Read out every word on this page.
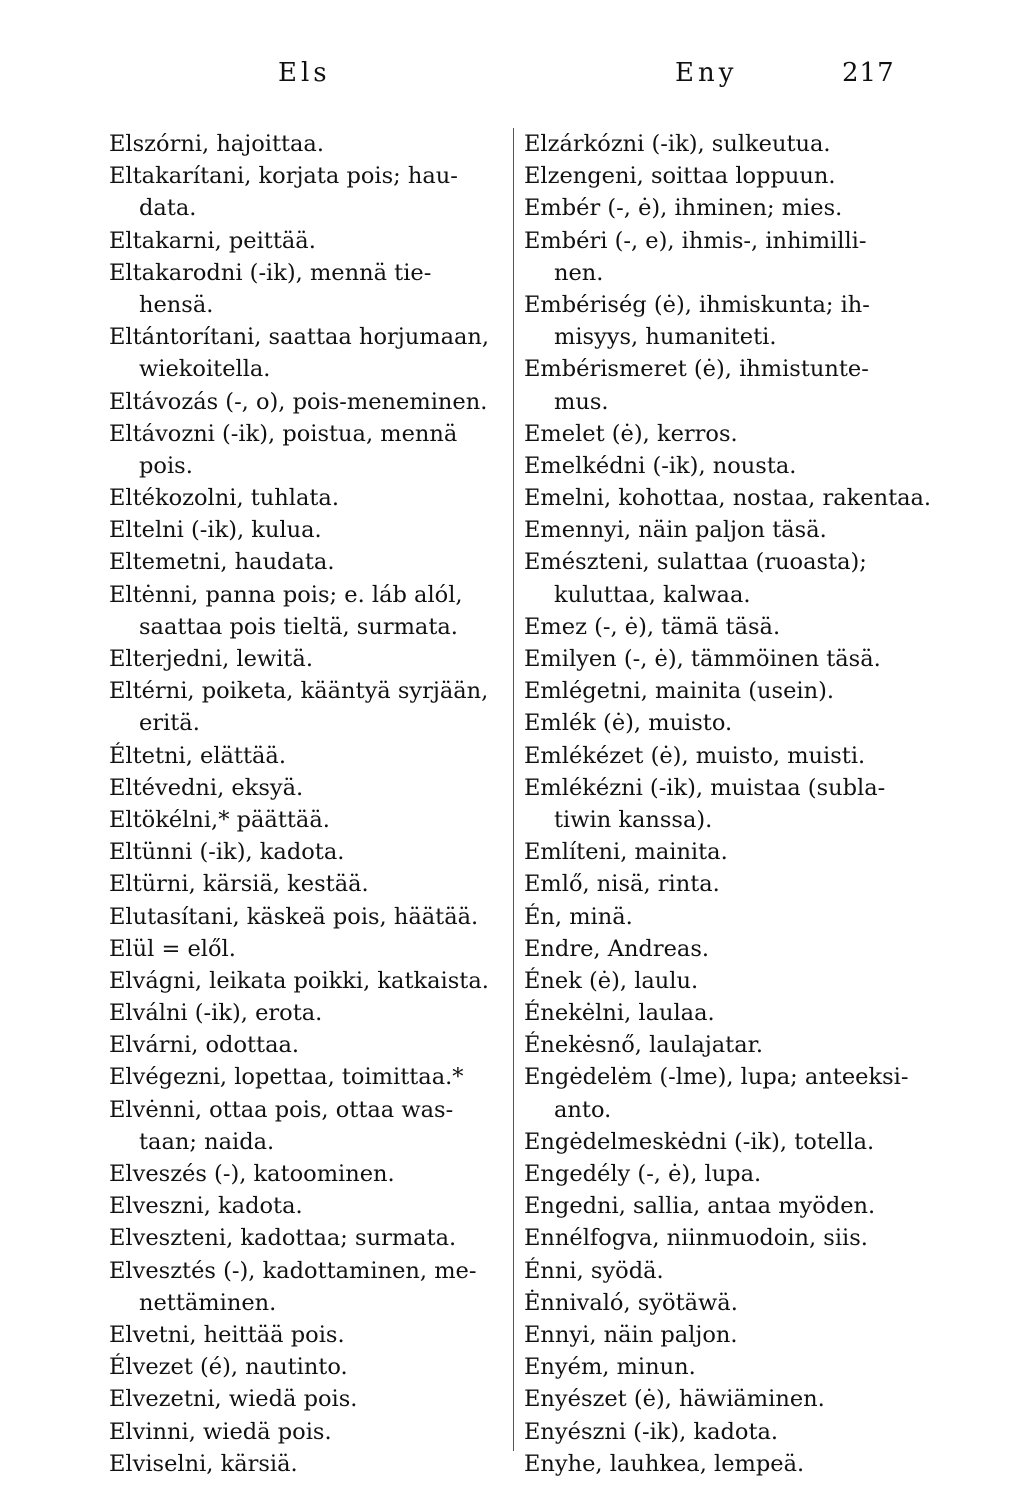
Els	Eny	217

Elszórni, hajoittaa.

Eltakarítani, korjata pois; hau-

data.

Eltakarni, peittää.

Eltakarodni (-ik), mennä tie-

hensä.

Eltántorítani, saattaa horjumaan,

wiekoitella.

Eltávozás (-, o), pois-meneminen.

Eltávozni (-ik), poistua, mennä

pois.

Eltékozolni, tuhlata.

Eltelni (-ik), kulua.

Eltemetni, haudata.

Eltėnni, panna pois; e. láb alól,

saattaa pois tieltä, surmata.

Elterjedni, lewitä.

Eltérni, poiketa, kääntyä syrjään,

eritä.

Éltetni, elättää.

Eltévedni, eksyä.

Eltökélni,* päättää.

Eltünni (-ik), kadota.

Eltürni, kärsiä, kestää.

Elutasítani, käskeä pois, häätää.

Elül = elől.

Elvágni, leikata poikki, katkaista.

Elválni (-ik), erota.

Elvárni, odottaa.

Elvégezni, lopettaa, toimittaa.*

Elvėnni, ottaa pois, ottaa was-

taan; naida.

Elveszés (-), katoominen.

Elveszni, kadota.

Elveszteni, kadottaa; surmata.

Elvesztés (-), kadottaminen, me-

nettäminen.

Elvetni, heittää pois.

Élvezet (é), nautinto.

Elvezetni, wiedä pois.

Elvinni, wiedä pois.

Elviselni, kärsiä.

Elzárkózni (-ik), sulkeutua.

Elzengeni, soittaa loppuun.

Embér (-, ė), ihminen; mies.

Embéri (-, e), ihmis-, inhimilli-

nen.

Embériség (ė), ihmiskunta; ih-

misyys, humaniteti.

Embérismeret (ė), ihmistunte-

mus.

Emelet (ė), kerros.

Emelkédni (-ik), nousta.

Emelni, kohottaa, nostaa, rakentaa.

Emennyi, näin paljon täsä.

Emészteni, sulattaa (ruoasta);

kuluttaa, kalwaa.

Emez (-, ė), tämä täsä.

Emilyen (-, ė), tämmöinen täsä.

Emlégetni, mainita (usein).

Emlék (ė), muisto.

Emlékézet (ė), muisto, muisti.

Emlékézni (-ik), muistaa (subla-

tiwin kanssa).

Említeni, mainita.

Emlő, nisä, rinta.

Én, minä.

Endre, Andreas.

Ének (ė), laulu.

Énekėlni, laulaa.

Énekėsnő, laulajatar.

Engėdelėm (-lme), lupa; anteeksi-

anto.

Engėdelmeskėdni (-ik), totella.

Engedély (-, ė), lupa.

Engedni, sallia, antaa myöden.

Ennélfogva, niinmuodoin, siis.

Énni, syödä.

Ėnnivaló, syötäwä.

Ennyi, näin paljon.

Enyém, minun.

Enyészet (ė), häwiäminen.

Enyészni (-ik), kadota.

Enyhe, lauhkea, lempeä.
